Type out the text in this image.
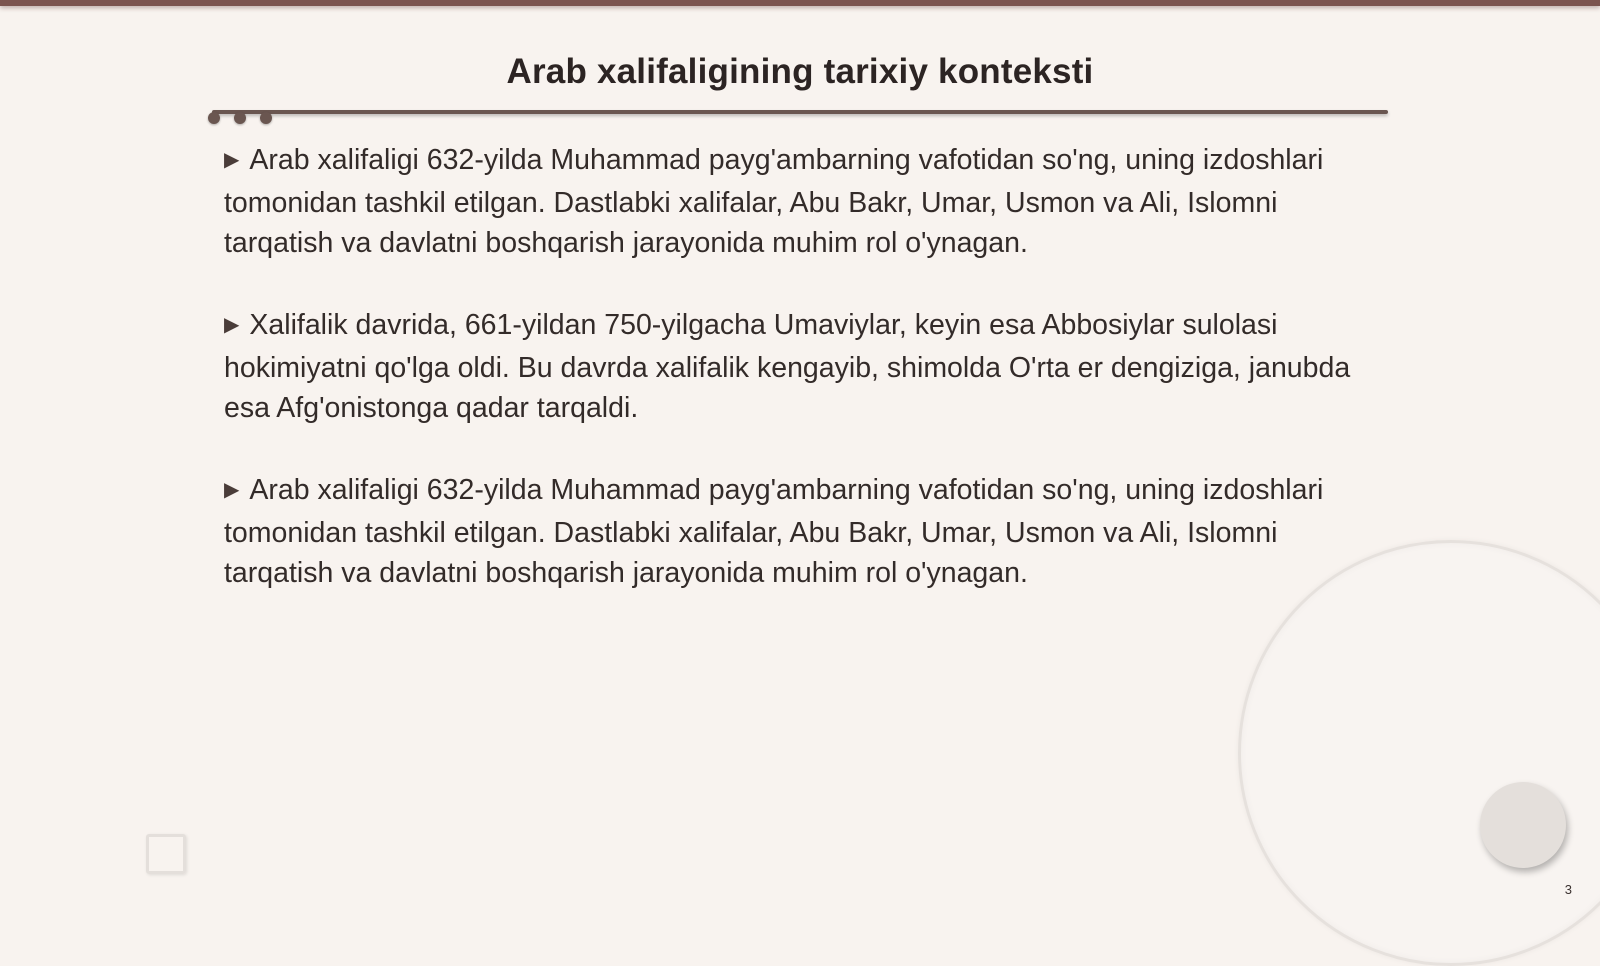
Arab xalifaligining tarixiy konteksti

▶ Arab xalifaligi 632-yilda Muhammad payg'ambarning vafotidan so'ng, uning izdoshlari tomonidan tashkil etilgan. Dastlabki xalifalar, Abu Bakr, Umar, Usmon va Ali, Islomni tarqatish va davlatni boshqarish jarayonida muhim rol o'ynagan.

▶ Xalifalik davrida, 661-yildan 750-yilgacha Umaviylar, keyin esa Abbosiylar sulolasi hokimiyatni qo'lga oldi. Bu davrda xalifalik kengayib, shimolda O'rta er dengiziga, janubda esa Afg'onistonga qadar tarqaldi.

▶ Arab xalifaligi 632-yilda Muhammad payg'ambarning vafotidan so'ng, uning izdoshlari tomonidan tashkil etilgan. Dastlabki xalifalar, Abu Bakr, Umar, Usmon va Ali, Islomni tarqatish va davlatni boshqarish jarayonida muhim rol o'ynagan.

3
